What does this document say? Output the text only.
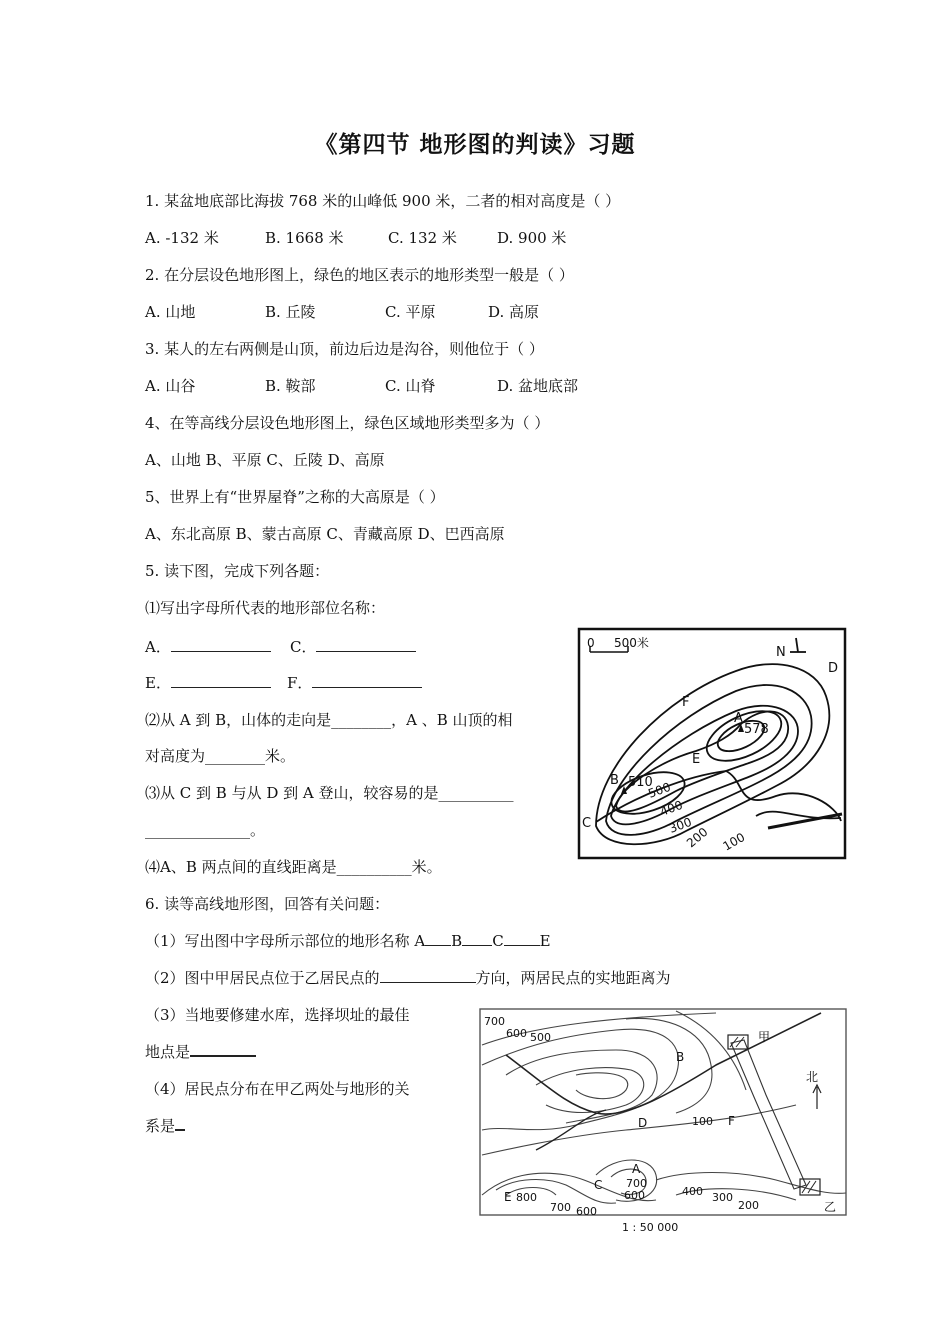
《第四节 地形图的判读》习题
1. 某盆地底部比海拔 768 米的山峰低 900 米，二者的相对高度是（ ）
A. -132 米	B. 1668 米	C. 132 米	D. 900 米
2. 在分层设色地形图上，绿色的地区表示的地形类型一般是（ ）
A. 山地	B. 丘陵	C. 平原	D. 高原
3. 某人的左右两侧是山顶，前边后边是沟谷，则他位于（ ）
A. 山谷	B. 鞍部	C. 山脊	D. 盆地底部
4、在等高线分层设色地形图上，绿色区域地形类型多为（ ）
A、山地 B、平原 C、丘陵 D、高原
5、世界上有“世界屋脊”之称的大高原是（ ）
A、东北高原 B、蒙古高原 C、青藏高原 D、巴西高原
5. 读下图，完成下列各题：
⑴写出字母所代表的地形部位名称：
A．	C．
E．	F．
⑵从 A 到 B，山体的走向是________，A 、B 山顶的相
对高度为________米。
⑶从 C 到 B 与从 D 到 A 登山，较容易的是__________
______________。
⑷A、B 两点间的直线距离是__________米。
0 500米
N
D
F
A
578
E
B 510
C
500
400
300
200 100
6. 读等高线地形图，回答有关问题：
（1）写出图中字母所示部位的地形名称 A B C E
（2）图中甲居民点位于乙居民点的	方向，两居民点的实地距离为
（3）当地要修建水库，选择坝址的最佳
地点是
（4）居民点分布在甲乙两处与地形的关
系是
700
600 500
100
700
600
800
700 600
400 300
200
A
B
C
D
E
F
甲
乙
北
1 : 50 000
